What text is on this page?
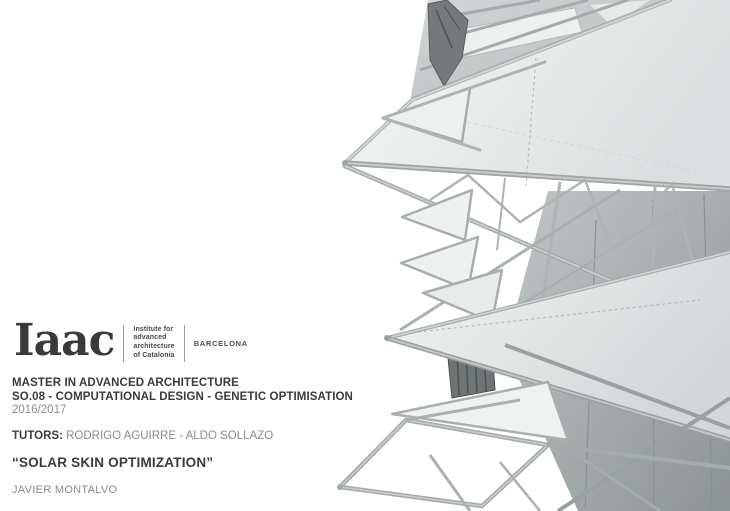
Iaac	Institute for
advanced
architecture
of Catalonia
BARCELONA
MASTER IN ADVANCED ARCHITECTURE
SO.08 - COMPUTATIONAL DESIGN - GENETIC OPTIMISATION
2016/2017
TUTORS: RODRIGO AGUIRRE - ALDO SOLLAZO
“SOLAR SKIN OPTIMIZATION”
JAVIER MONTALVO
